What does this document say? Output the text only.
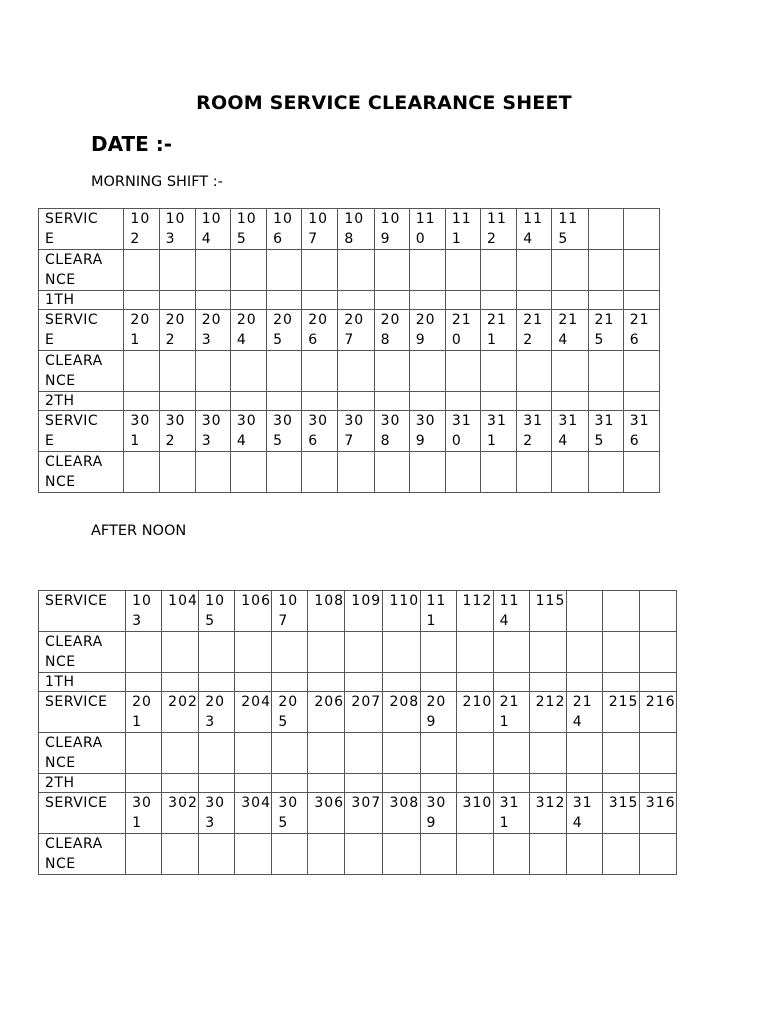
ROOM SERVICE CLEARANCE SHEET
DATE :-
MORNING SHIFT :-
SERVIC
E	102	103	104	105	106	107	108	109	110	111	112	114	115		
CLEARA
NCE															
1TH															
SERVIC
E	201	202	203	204	205	206	207	208	209	210	211	212	214	215	216
CLEARA
NCE															
2TH															
SERVIC
E	301	302	303	304	305	306	307	308	309	310	311	312	314	315	316
CLEARA
NCE															
AFTER NOON
SERVICE	103	104	105	106	107	108	109	110	111	112	114	115			
CLEARA
NCE															
1TH															
SERVICE	201	202	203	204	205	206	207	208	209	210	211	212	214	215	216
CLEARA
NCE															
2TH															
SERVICE	301	302	303	304	305	306	307	308	309	310	311	312	314	315	316
CLEARA
NCE															
